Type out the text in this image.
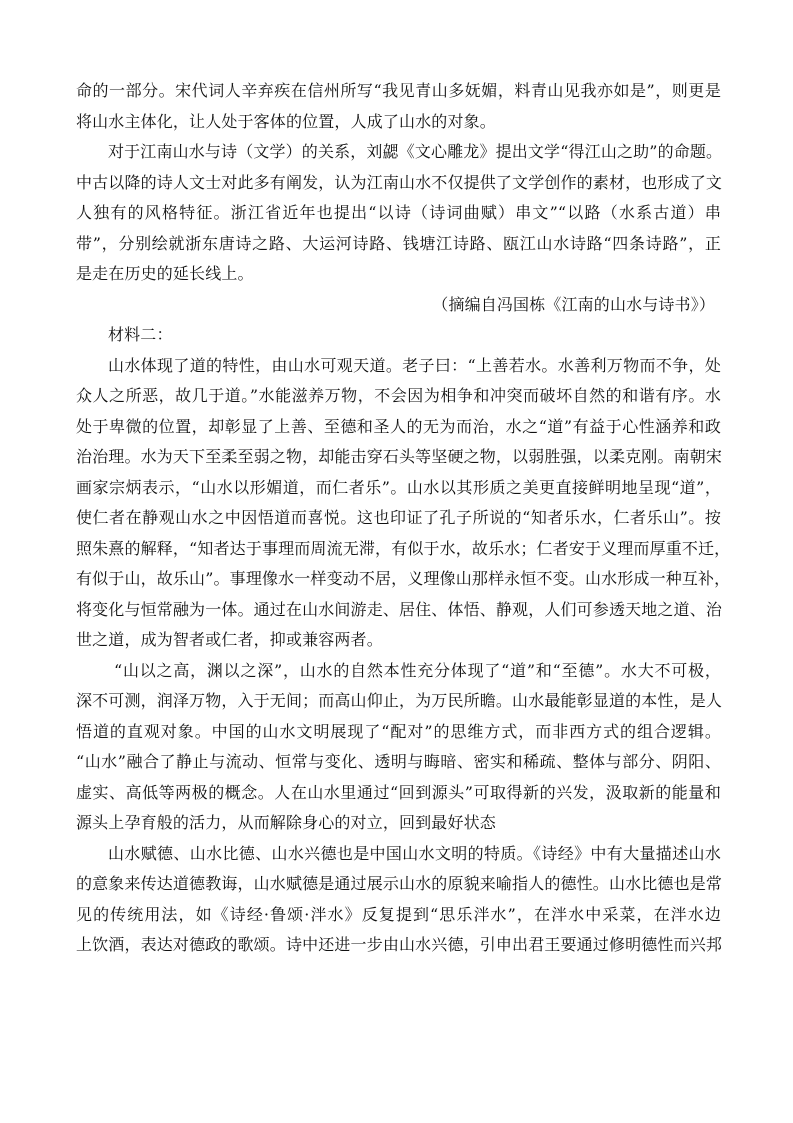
命的一部分。宋代词人辛弃疾在信州所写“我见青山多妩媚，料青山见我亦如是”，则更是
将山水主体化，让人处于客体的位置，人成了山水的对象。
对于江南山水与诗（文学）的关系，刘勰《文心雕龙》提出文学“得江山之助”的命题。
中古以降的诗人文士对此多有阐发，认为江南山水不仅提供了文学创作的素材，也形成了文
人独有的风格特征。浙江省近年也提出“以诗（诗词曲赋）串文”“以路（水系古道）串
带”，分别绘就浙东唐诗之路、大运河诗路、钱塘江诗路、瓯江山水诗路“四条诗路”，正
是走在历史的延长线上。
（摘编自冯国栋《江南的山水与诗书》）
材料二：
山水体现了道的特性，由山水可观天道。老子曰：“上善若水。水善利万物而不争，处
众人之所恶，故几于道。”水能滋养万物，不会因为相争和冲突而破坏自然的和谐有序。水
处于卑微的位置，却彰显了上善、至德和圣人的无为而治，水之“道”有益于心性涵养和政
治治理。水为天下至柔至弱之物，却能击穿石头等坚硬之物，以弱胜强，以柔克刚。南朝宋
画家宗炳表示，“山水以形媚道，而仁者乐”。山水以其形质之美更直接鲜明地呈现“道”，
使仁者在静观山水之中因悟道而喜悦。这也印证了孔子所说的“知者乐水，仁者乐山”。按
照朱熹的解释，“知者达于事理而周流无滞，有似于水，故乐水；仁者安于义理而厚重不迁，
有似于山，故乐山”。事理像水一样变动不居，义理像山那样永恒不变。山水形成一种互补，
将变化与恒常融为一体。通过在山水间游走、居住、体悟、静观，人们可参透天地之道、治
世之道，成为智者或仁者，抑或兼容两者。
“山以之高，渊以之深”，山水的自然本性充分体现了“道”和“至德”。水大不可极，
深不可测，润泽万物，入于无间；而高山仰止，为万民所瞻。山水最能彰显道的本性，是人
悟道的直观对象。中国的山水文明展现了“配对”的思维方式，而非西方式的组合逻辑。
“山水”融合了静止与流动、恒常与变化、透明与晦暗、密实和稀疏、整体与部分、阴阳、
虚实、高低等两极的概念。人在山水里通过“回到源头”可取得新的兴发，汲取新的能量和
源头上孕育般的活力，从而解除身心的对立，回到最好状态
山水赋德、山水比德、山水兴德也是中国山水文明的特质。《诗经》中有大量描述山水
的意象来传达道德教诲，山水赋德是通过展示山水的原貌来喻指人的德性。山水比德也是常
见的传统用法，如《诗经·鲁颂·泮水》反复提到“思乐泮水”，在泮水中采菜，在泮水边
上饮酒，表达对德政的歌颂。诗中还进一步由山水兴德，引申出君王要通过修明德性而兴邦
